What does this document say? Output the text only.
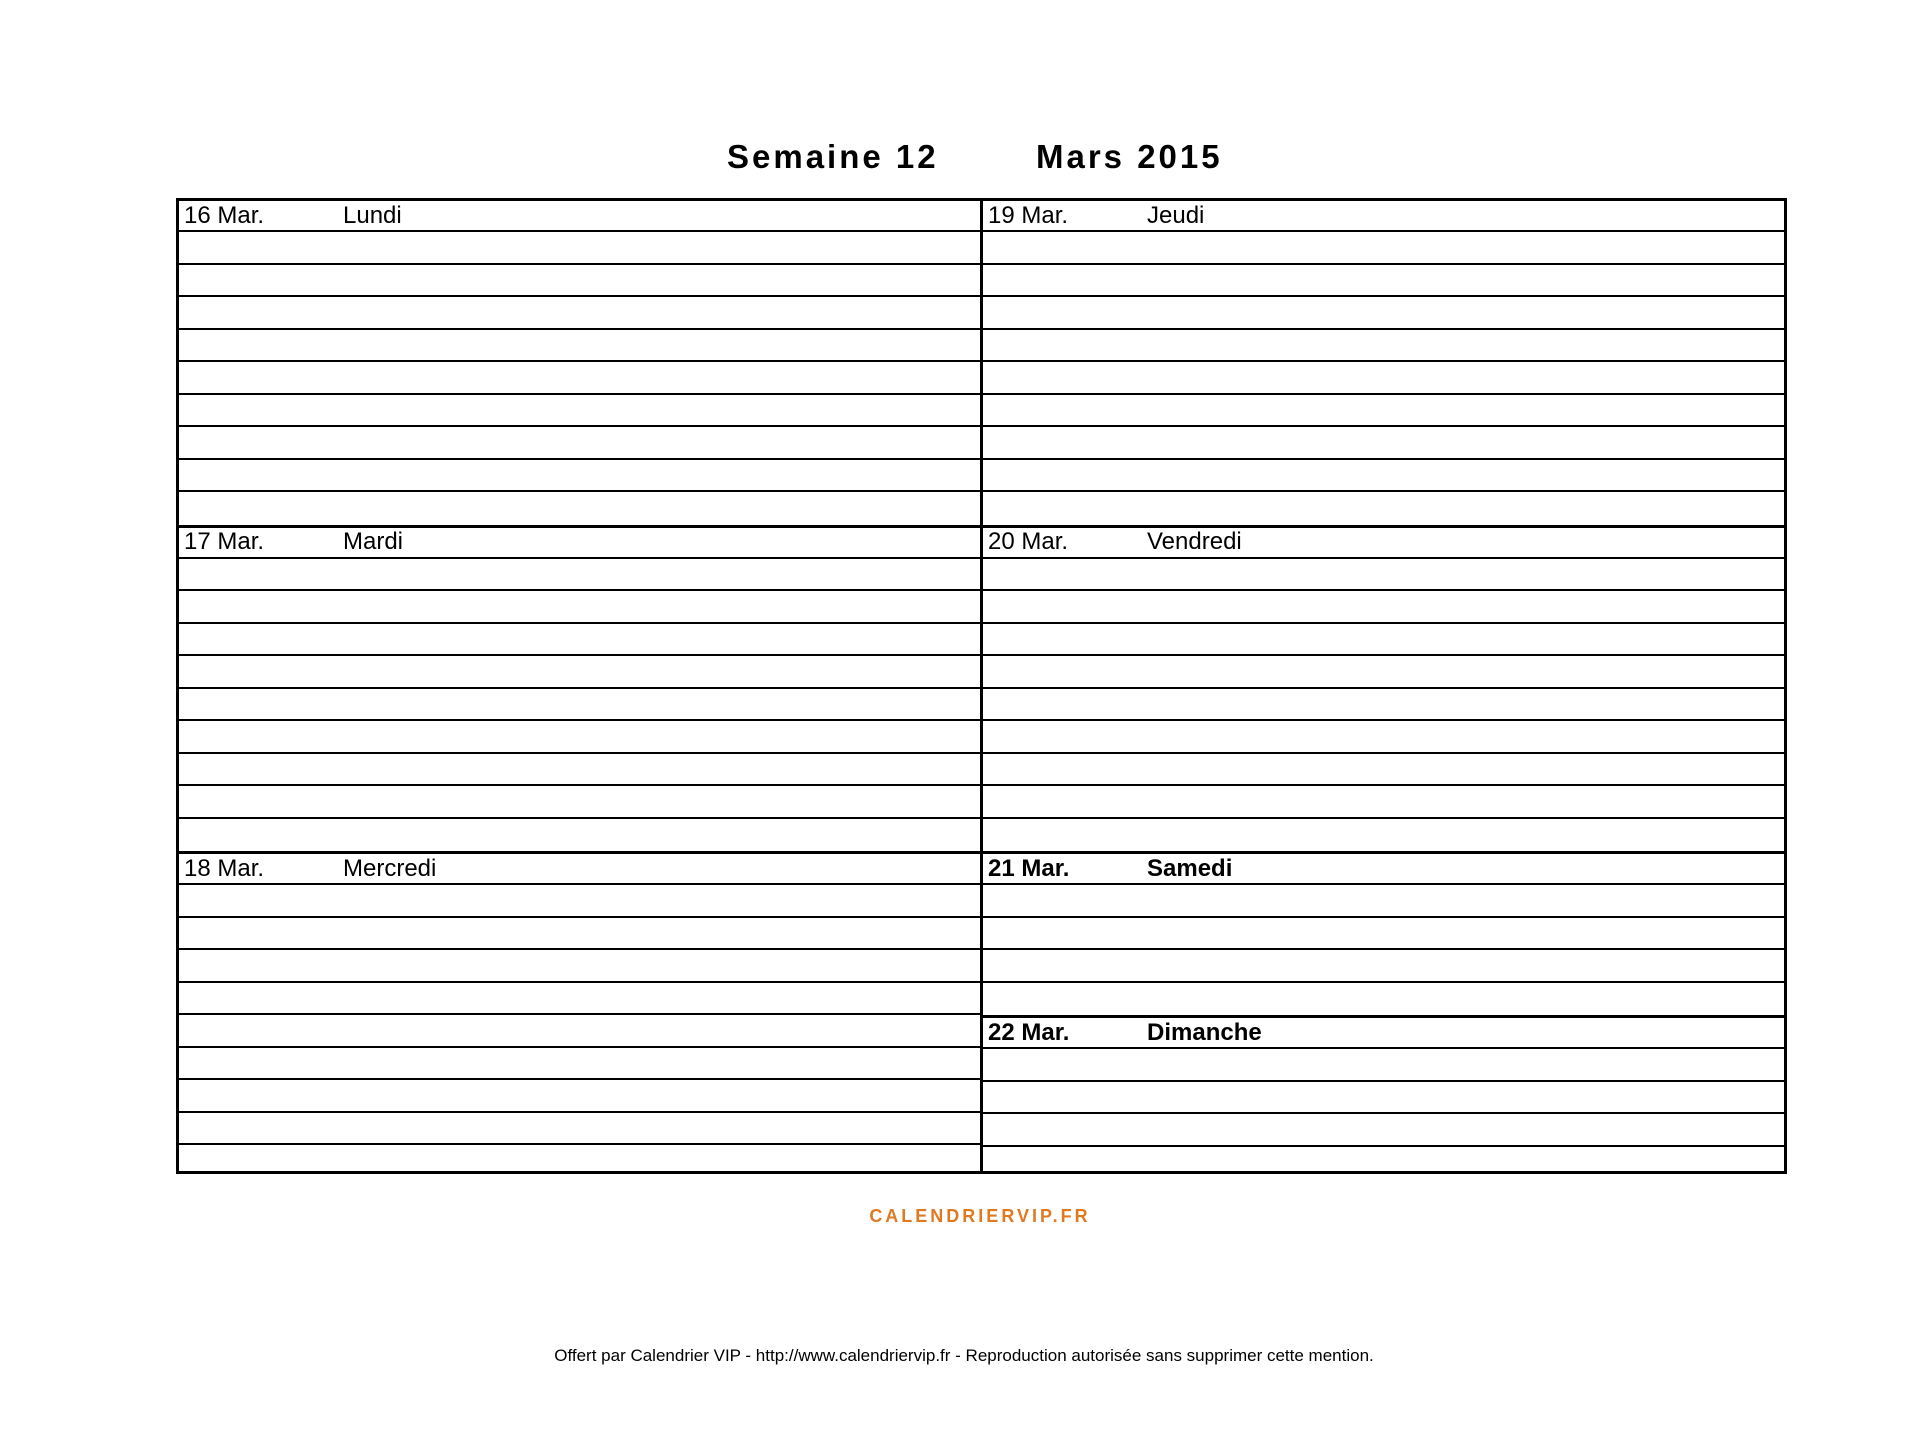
Semaine 12	Mars 2015
16 Mar.	Lundi
17 Mar.	Mardi
18 Mar.	Mercredi
19 Mar.	Jeudi
20 Mar.	Vendredi
21 Mar.	Samedi
22 Mar.	Dimanche
CALENDRIERVIP.FR
Offert par Calendrier VIP - http://www.calendriervip.fr - Reproduction autorisée sans supprimer cette mention.
